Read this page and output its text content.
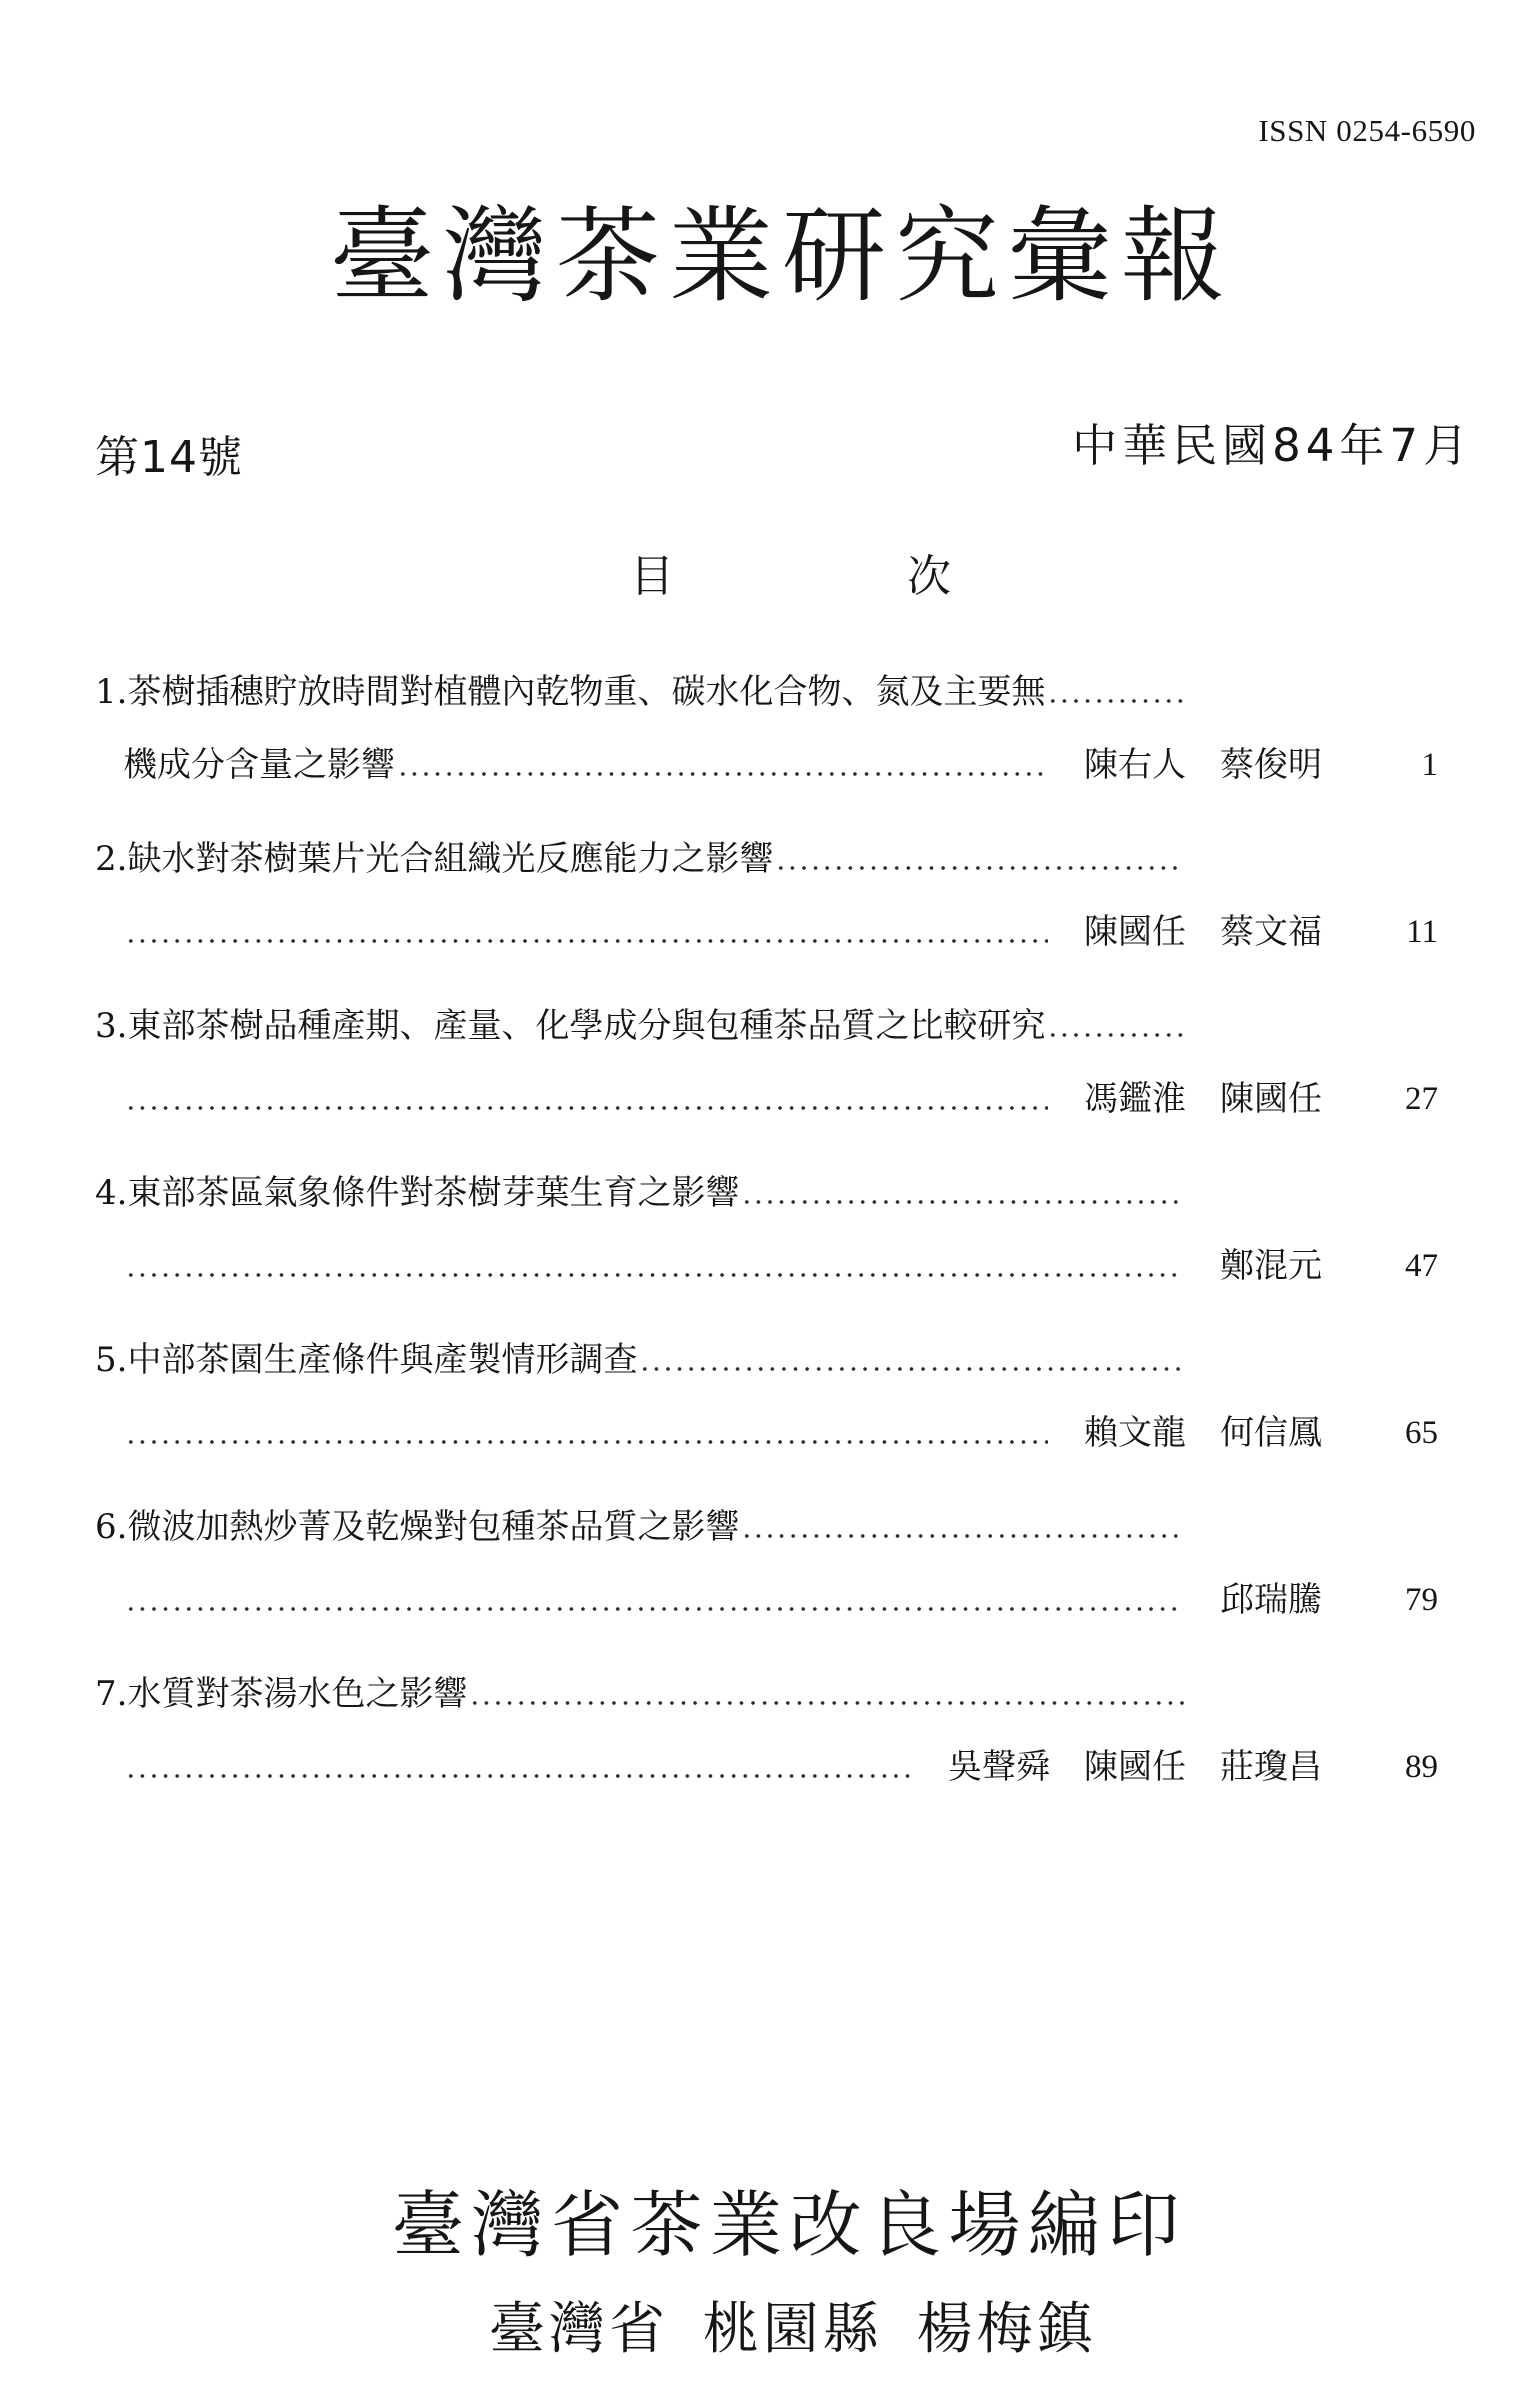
ISSN 0254-6590
臺灣茶業研究彙報
第14號	中華民國84年7月
目	次
1.茶樹插穗貯放時間對植體內乾物重、碳水化合物、氮及主要無
機成分含量之影響	陳右人	蔡俊明	1
2.缺水對茶樹葉片光合組織光反應能力之影響
陳國任	蔡文福	11
3.東部茶樹品種產期、產量、化學成分與包種茶品質之比較研究
馮鑑淮	陳國任	27
4.東部茶區氣象條件對茶樹芽葉生育之影響
鄭混元	47
5.中部茶園生產條件與產製情形調查
賴文龍	何信鳳	65
6.微波加熱炒菁及乾燥對包種茶品質之影響
邱瑞騰	79
7.水質對茶湯水色之影響
吳聲舜	陳國任	莊瓊昌	89
臺灣省茶業改良場編印
臺灣省 桃園縣 楊梅鎮
